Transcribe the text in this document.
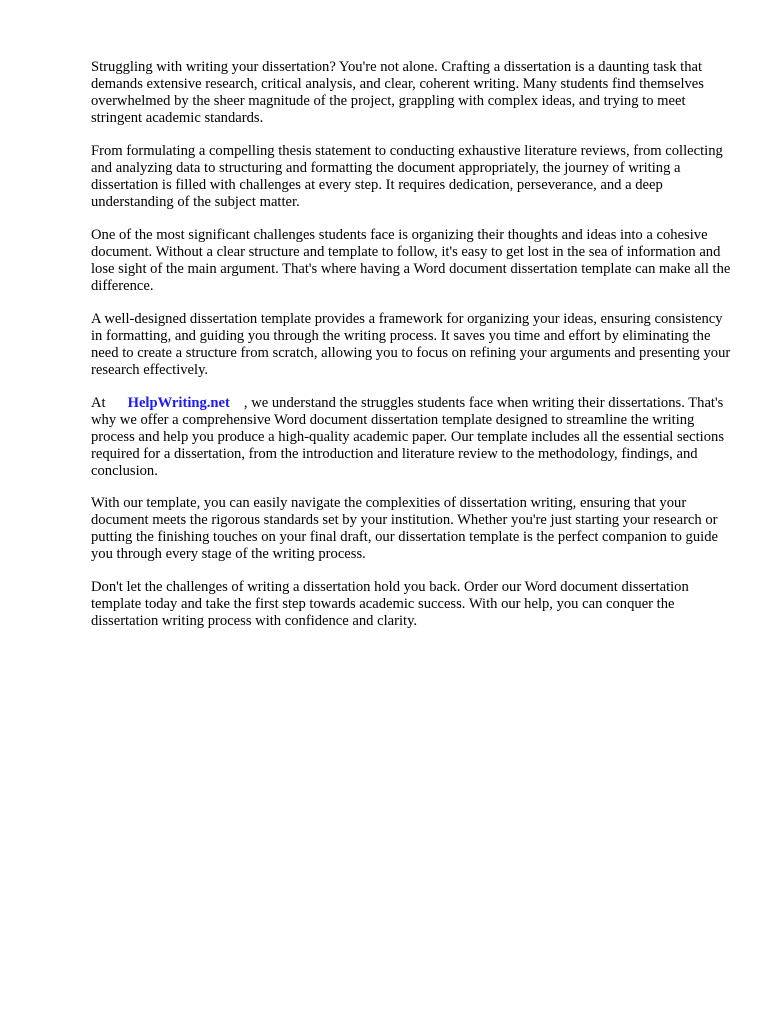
Struggling with writing your dissertation? You're not alone. Crafting a dissertation is a daunting task that demands extensive research, critical analysis, and clear, coherent writing. Many students find themselves overwhelmed by the sheer magnitude of the project, grappling with complex ideas, and trying to meet stringent academic standards.

From formulating a compelling thesis statement to conducting exhaustive literature reviews, from collecting and analyzing data to structuring and formatting the document appropriately, the journey of writing a dissertation is filled with challenges at every step. It requires dedication, perseverance, and a deep understanding of the subject matter.

One of the most significant challenges students face is organizing their thoughts and ideas into a cohesive document. Without a clear structure and template to follow, it's easy to get lost in the sea of information and lose sight of the main argument. That's where having a Word document dissertation template can make all the difference.

A well-designed dissertation template provides a framework for organizing your ideas, ensuring consistency in formatting, and guiding you through the writing process. It saves you time and effort by eliminating the need to create a structure from scratch, allowing you to focus on refining your arguments and presenting your research effectively.

At HelpWriting.net , we understand the struggles students face when writing their dissertations. That's why we offer a comprehensive Word document dissertation template designed to streamline the writing process and help you produce a high-quality academic paper. Our template includes all the essential sections required for a dissertation, from the introduction and literature review to the methodology, findings, and conclusion.

With our template, you can easily navigate the complexities of dissertation writing, ensuring that your document meets the rigorous standards set by your institution. Whether you're just starting your research or putting the finishing touches on your final draft, our dissertation template is the perfect companion to guide you through every stage of the writing process.

Don't let the challenges of writing a dissertation hold you back. Order our Word document dissertation template today and take the first step towards academic success. With our help, you can conquer the dissertation writing process with confidence and clarity.
